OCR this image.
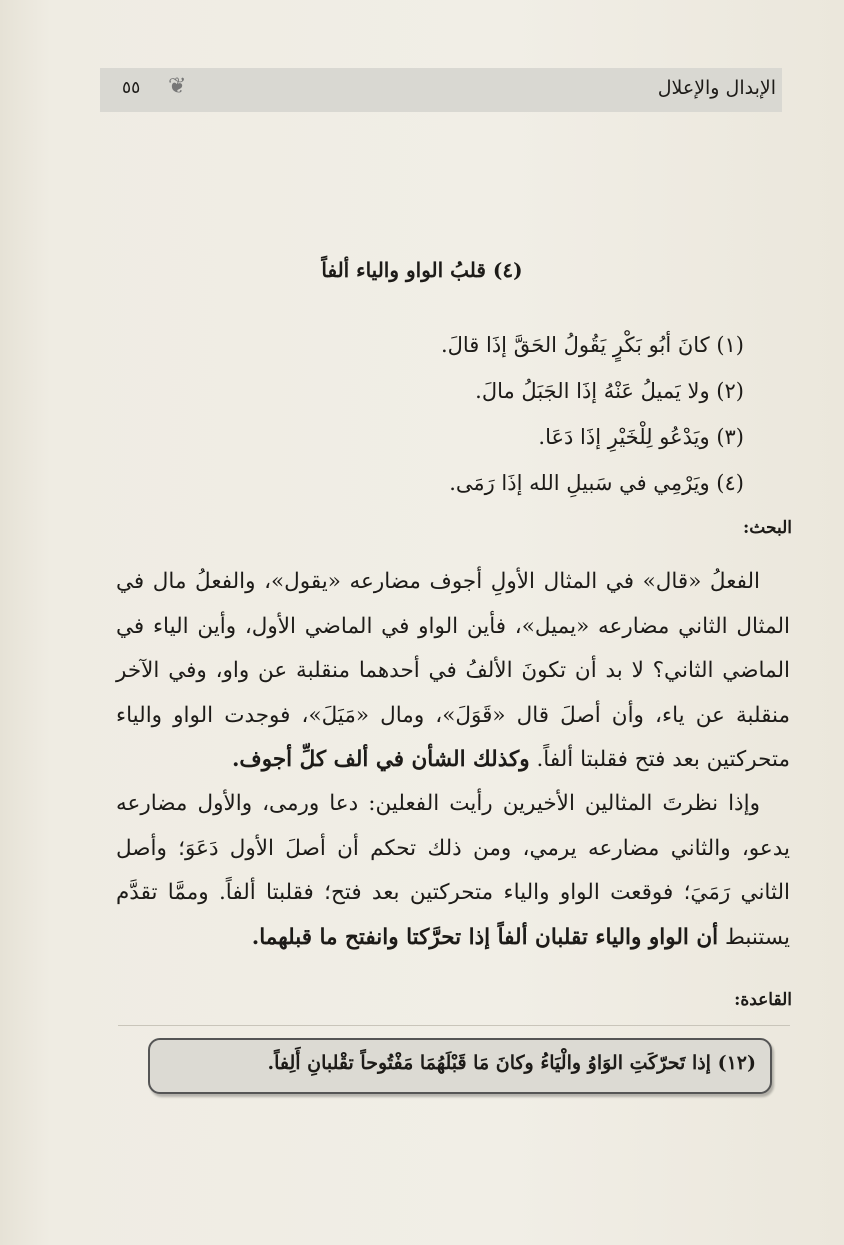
الإبدال والإعلال
❦
٥٥
(٤) قلبُ الواو والياء ألفاً
(١) كانَ أبُو بَكْرٍ يَقُولُ الحَقَّ إذَا قالَ.
(٢) ولا يَميلُ عَنْهُ إذَا الجَبَلُ مالَ.
(٣) ويَدْعُو لِلْخَيْرِ إذَا دَعَا.
(٤) ويَرْمِي في سَبيلِ الله إذَا رَمَى.
البحث:
الفعلُ «قال» في المثال الأولِ أجوف مضارعه «يقول»، والفعلُ مال في المثال الثاني مضارعه «يميل»، فأين الواو في الماضي الأول، وأين الياء في الماضي الثاني؟ لا بد أن تكونَ الألفُ في أحدهما منقلبة عن واو، وفي الآخر منقلبة عن ياء، وأن أصلَ قال «قَوَلَ»، ومال «مَيَلَ»، فوجدت الواو والياء متحركتين بعد فتح فقلبتا ألفاً. وكذلك الشأن في ألف كلِّ أجوف.
وإذا نظرتَ المثالين الأخيرين رأيت الفعلين: دعا ورمى، والأول مضارعه يدعو، والثاني مضارعه يرمي، ومن ذلك تحكم أن أصلَ الأول دَعَوَ؛ وأصل الثاني رَمَيَ؛ فوقعت الواو والياء متحركتين بعد فتح؛ فقلبتا ألفاً. وممَّا تقدَّم يستنبط أن الواو والياء تقلبان ألفاً إذا تحرَّكتا وانفتح ما قبلهما.
القاعدة:
(١٢) إذا تَحرّكَتِ الوَاوُ والْيَاءُ وكانَ مَا قَبْلَهُمَا مَفْتُوحاً تقْلبانِ أَلِفاً.
